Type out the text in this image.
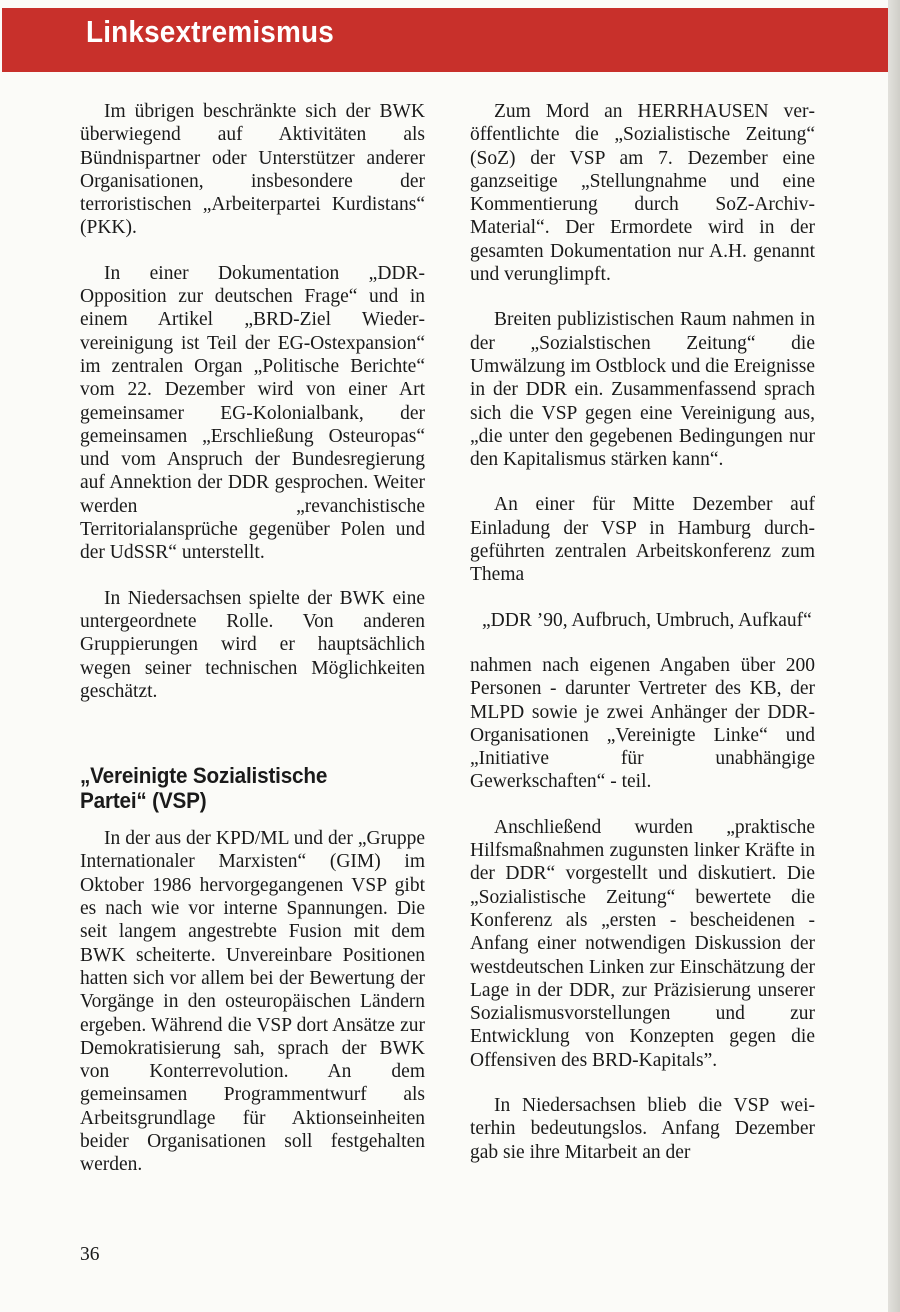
Linksextremismus

Im übrigen beschränkte sich der BWK überwiegend auf Aktivitäten als Bündnispartner oder Unterstützer anderer Organisationen, insbesondere der terroristischen „Arbeiterpartei Kurdistans“ (PKK).

In einer Dokumentation „DDR-Opposition zur deutschen Frage“ und in einem Artikel „BRD-Ziel Wiedervereinigung ist Teil der EG-Ostexpansion“ im zentralen Organ „Politische Berichte“ vom 22. Dezember wird von einer Art gemeinsamer EG-Kolonialbank, der gemeinsamen „Erschließung Osteuropas“ und vom Anspruch der Bundesregierung auf Annektion der DDR gesprochen. Weiter werden „revanchistische Territorialansprüche gegenüber Polen und der UdSSR“ unterstellt.

In Niedersachsen spielte der BWK eine untergeordnete Rolle. Von anderen Gruppierungen wird er hauptsächlich wegen seiner technischen Möglichkeiten geschätzt.

„Vereinigte Sozialistische Partei“ (VSP)

In der aus der KPD/ML und der „Gruppe Internationaler Marxisten“ (GIM) im Oktober 1986 hervorgegangenen VSP gibt es nach wie vor interne Spannungen. Die seit langem angestrebte Fusion mit dem BWK scheiterte. Unvereinbare Positionen hatten sich vor allem bei der Bewertung der Vorgänge in den osteuropäischen Ländern ergeben. Während die VSP dort Ansätze zur Demokratisierung sah, sprach der BWK von Konterrevolution. An dem gemeinsamen Programmentwurf als Arbeitsgrundlage für Aktionseinheiten beider Organisationen soll festgehalten werden.

Zum Mord an HERRHAUSEN veröffentlichte die „Sozialistische Zeitung“ (SoZ) der VSP am 7. Dezember eine ganzseitige „Stellungnahme und eine Kommentierung durch SoZ-Archiv-Material“. Der Ermordete wird in der gesamten Dokumentation nur A.H. genannt und verunglimpft.

Breiten publizistischen Raum nahmen in der „Sozialstischen Zeitung“ die Umwälzung im Ostblock und die Ereignisse in der DDR ein. Zusammenfassend sprach sich die VSP gegen eine Vereinigung aus, „die unter den gegebenen Bedingungen nur den Kapitalismus stärken kann“.

An einer für Mitte Dezember auf Einladung der VSP in Hamburg durchgeführten zentralen Arbeitskonferenz zum Thema

„DDR ’90, Aufbruch, Umbruch, Aufkauf“

nahmen nach eigenen Angaben über 200 Personen - darunter Vertreter des KB, der MLPD sowie je zwei Anhänger der DDR-Organisationen „Vereinigte Linke“ und „Initiative für unabhängige Gewerkschaften“ - teil.

Anschließend wurden „praktische Hilfsmaßnahmen zugunsten linker Kräfte in der DDR“ vorgestellt und diskutiert. Die „Sozialistische Zeitung“ bewertete die Konferenz als „ersten - bescheidenen - Anfang einer notwendigen Diskussion der westdeutschen Linken zur Einschätzung der Lage in der DDR, zur Präzisierung unserer Sozialismusvorstellungen und zur Entwicklung von Konzepten gegen die Offensiven des BRD-Kapitals”.

In Niedersachsen blieb die VSP weiterhin bedeutungslos. Anfang Dezember gab sie ihre Mitarbeit an der

36
